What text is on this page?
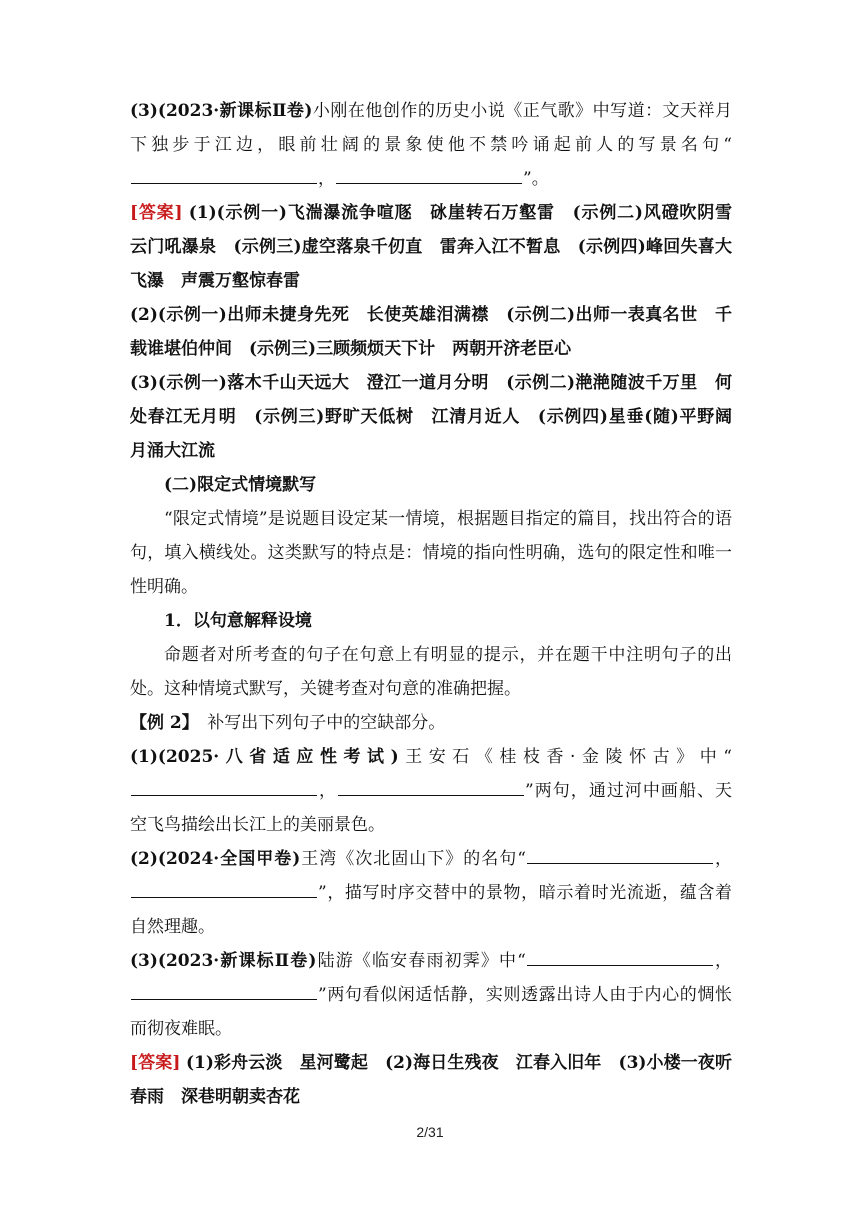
(3)(2023·新课标Ⅱ卷)小刚在他创作的历史小说《正气歌》中写道：文天祥月下独步于江边，眼前壮阔的景象使他不禁吟诵起前人的写景名句“，	”。

[答案] (1)(示例一)飞湍瀑流争喧豗　砯崖转石万壑雷　(示例二)风磴吹阴雪　云门吼瀑泉　(示例三)虚空落泉千仞直　雷奔入江不暂息　(示例四)峰回失喜大飞瀑　声震万壑惊春雷

(2)(示例一)出师未捷身先死　长使英雄泪满襟　(示例二)出师一表真名世　千载谁堪伯仲间　(示例三)三顾频烦天下计　两朝开济老臣心

(3)(示例一)落木千山天远大　澄江一道月分明　(示例二)滟滟随波千万里　何处春江无月明　(示例三)野旷天低树　江清月近人　(示例四)星垂(随)平野阔　月涌大江流

(二)限定式情境默写

“限定式情境”是说题目设定某一情境，根据题目指定的篇目，找出符合的语句，填入横线处。这类默写的特点是：情境的指向性明确，选句的限定性和唯一性明确。

1．以句意解释设境

命题者对所考查的句子在句意上有明显的提示，并在题干中注明句子的出处。这种情境式默写，关键考查对句意的准确把握。

【例 2】　补写出下列句子中的空缺部分。

(1)(2025·八省适应性考试)王安石《桂枝香·金陵怀古》中“，	”两句，通过河中画船、天空飞鸟描绘出长江上的美丽景色。

(2)(2024·全国甲卷)王湾《次北固山下》的名句“	，”，描写时序交替中的景物，暗示着时光流逝，蕴含着自然理趣。

(3)(2023·新课标Ⅱ卷)陆游《临安春雨初霁》中“	，”两句看似闲适恬静，实则透露出诗人由于内心的惆怅而彻夜难眠。

[答案] (1)彩舟云淡　星河鹭起　(2)海日生残夜　江春入旧年　(3)小楼一夜听春雨　深巷明朝卖杏花

2/31
